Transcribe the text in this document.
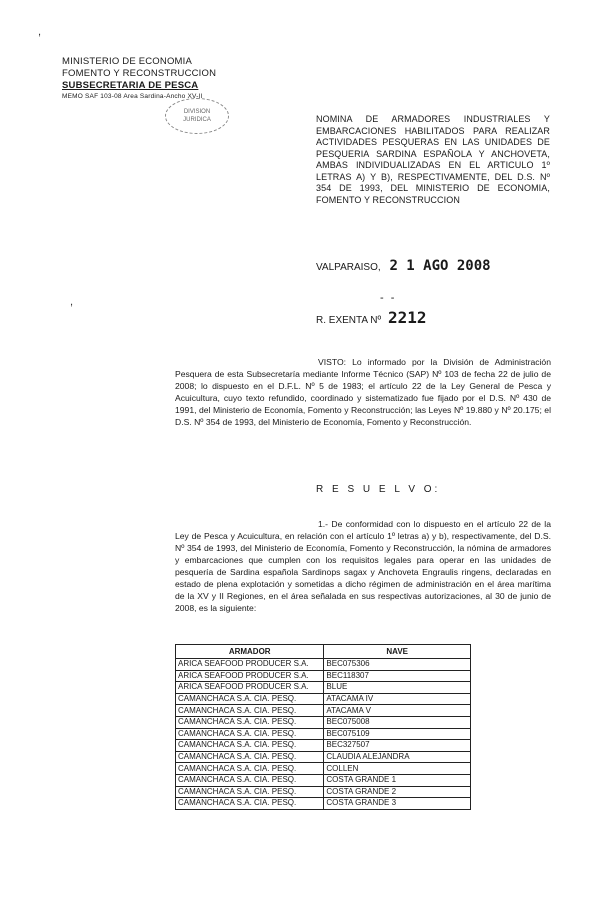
MINISTERIO DE ECONOMIA
FOMENTO Y RECONSTRUCCION
SUBSECRETARIA DE PESCA
MEMO SAF 103-08 Area Sardina-Ancho XV-II
DIVISION
JURIDICA
,
,
NOMINA DE ARMADORES INDUSTRIALES Y EMBARCACIONES HABILITADOS PARA REALIZAR ACTIVIDADES PESQUERAS EN LAS UNIDADES DE PESQUERIA SARDINA ESPAÑOLA Y ANCHOVETA, AMBAS INDIVIDUALIZADAS EN EL ARTICULO 1º LETRAS A) Y B), RESPECTIVAMENTE, DEL D.S. Nº 354 DE 1993, DEL MINISTERIO DE ECONOMIA, FOMENTO Y RECONSTRUCCION
VALPARAISO, 2 1 AGO 2008
- -
R. EXENTA Nº 2212
VISTO: Lo informado por la División de Administración Pesquera de esta Subsecretaría mediante Informe Técnico (SAP) Nº 103 de fecha 22 de julio de 2008; lo dispuesto en el D.F.L. Nº 5 de 1983; el artículo 22 de la Ley General de Pesca y Acuicultura, cuyo texto refundido, coordinado y sistematizado fue fijado por el D.S. Nº 430 de 1991, del Ministerio de Economía, Fomento y Reconstrucción; las Leyes Nº 19.880 y Nº 20.175; el D.S. Nº 354 de 1993, del Ministerio de Economía, Fomento y Reconstrucción.
R E S U E L V O:
1.- De conformidad con lo dispuesto en el artículo 22 de la Ley de Pesca y Acuicultura, en relación con el artículo 1º letras a) y b), respectivamente, del D.S. Nº 354 de 1993, del Ministerio de Economía, Fomento y Reconstrucción, la nómina de armadores y embarcaciones que cumplen con los requisitos legales para operar en las unidades de pesquería de Sardina española Sardinops sagax y Anchoveta Engraulis ringens, declaradas en estado de plena explotación y sometidas a dicho régimen de administración en el área marítima de la XV y II Regiones, en el área señalada en sus respectivas autorizaciones, al 30 de junio de 2008, es la siguiente:
ARMADOR	NAVE
ARICA SEAFOOD PRODUCER S.A.	BEC075306
ARICA SEAFOOD PRODUCER S.A.	BEC118307
ARICA SEAFOOD PRODUCER S.A.	BLUE
CAMANCHACA S.A. CIA. PESQ.	ATACAMA IV
CAMANCHACA S.A. CIA. PESQ.	ATACAMA V
CAMANCHACA S.A. CIA. PESQ.	BEC075008
CAMANCHACA S.A. CIA. PESQ.	BEC075109
CAMANCHACA S.A. CIA. PESQ.	BEC327507
CAMANCHACA S.A. CIA. PESQ.	CLAUDIA ALEJANDRA
CAMANCHACA S.A. CIA. PESQ.	COLLEN
CAMANCHACA S.A. CIA. PESQ.	COSTA GRANDE 1
CAMANCHACA S.A. CIA. PESQ.	COSTA GRANDE 2
CAMANCHACA S.A. CIA. PESQ.	COSTA GRANDE 3
